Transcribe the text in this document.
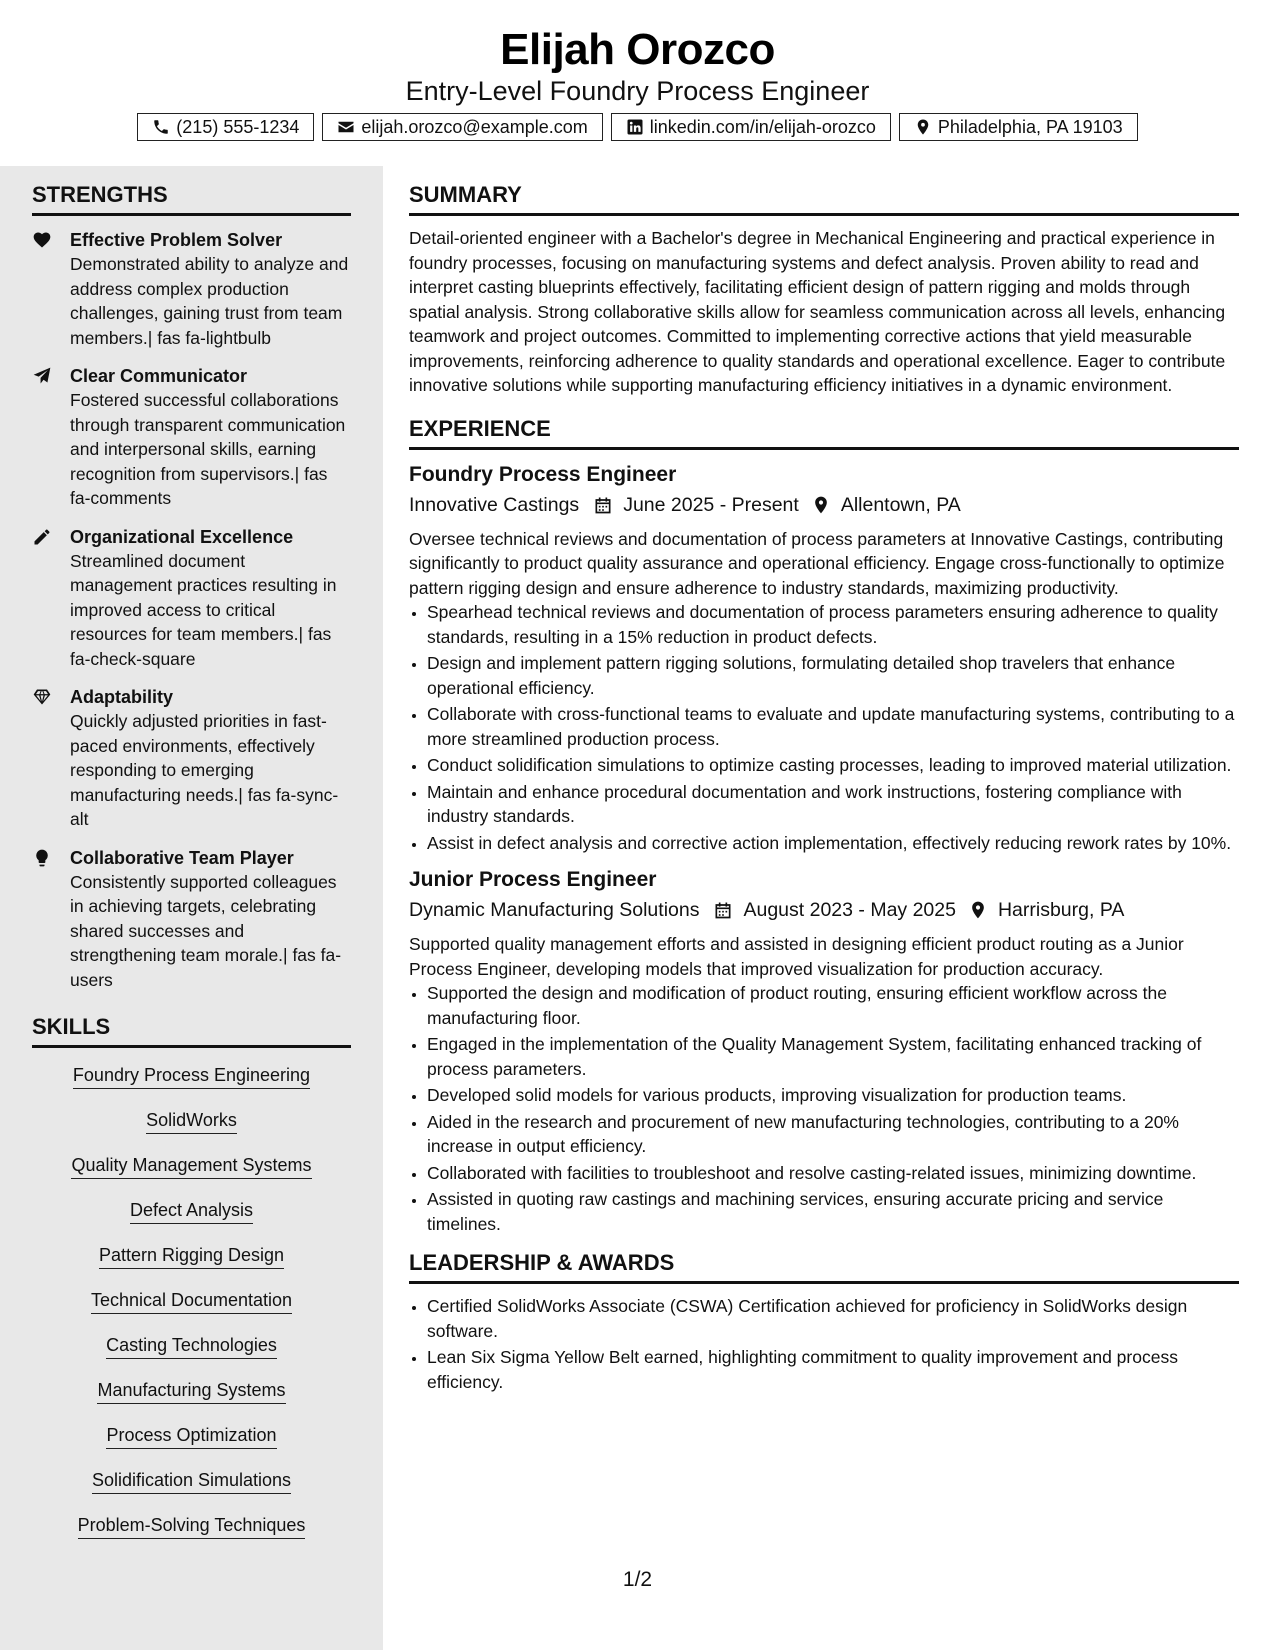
Elijah Orozco
Entry-Level Foundry Process Engineer
(215) 555-1234	elijah.orozco@example.com	linkedin.com/in/elijah-orozco	Philadelphia, PA 19103
STRENGTHS
Effective Problem Solver
Demonstrated ability to analyze and address complex production challenges, gaining trust from team members.| fas fa-lightbulb
Clear Communicator
Fostered successful collaborations through transparent communication and interpersonal skills, earning recognition from supervisors.| fas fa-comments
Organizational Excellence
Streamlined document management practices resulting in improved access to critical resources for team members.| fas fa-check-square
Adaptability
Quickly adjusted priorities in fast-paced environments, effectively responding to emerging manufacturing needs.| fas fa-sync-alt
Collaborative Team Player
Consistently supported colleagues in achieving targets, celebrating shared successes and strengthening team morale.| fas fa-users
SKILLS
Foundry Process Engineering
SolidWorks
Quality Management Systems
Defect Analysis
Pattern Rigging Design
Technical Documentation
Casting Technologies
Manufacturing Systems
Process Optimization
Solidification Simulations
Problem-Solving Techniques
SUMMARY
Detail-oriented engineer with a Bachelor's degree in Mechanical Engineering and practical experience in foundry processes, focusing on manufacturing systems and defect analysis. Proven ability to read and interpret casting blueprints effectively, facilitating efficient design of pattern rigging and molds through spatial analysis. Strong collaborative skills allow for seamless communication across all levels, enhancing teamwork and project outcomes. Committed to implementing corrective actions that yield measurable improvements, reinforcing adherence to quality standards and operational excellence. Eager to contribute innovative solutions while supporting manufacturing efficiency initiatives in a dynamic environment.
EXPERIENCE
Foundry Process Engineer
Innovative Castings June 2025 - Present Allentown, PA
Oversee technical reviews and documentation of process parameters at Innovative Castings, contributing significantly to product quality assurance and operational efficiency. Engage cross-functionally to optimize pattern rigging design and ensure adherence to industry standards, maximizing productivity.
• Spearhead technical reviews and documentation of process parameters ensuring adherence to quality standards, resulting in a 15% reduction in product defects.
• Design and implement pattern rigging solutions, formulating detailed shop travelers that enhance operational efficiency.
• Collaborate with cross-functional teams to evaluate and update manufacturing systems, contributing to a more streamlined production process.
• Conduct solidification simulations to optimize casting processes, leading to improved material utilization.
• Maintain and enhance procedural documentation and work instructions, fostering compliance with industry standards.
• Assist in defect analysis and corrective action implementation, effectively reducing rework rates by 10%.
Junior Process Engineer
Dynamic Manufacturing Solutions August 2023 - May 2025 Harrisburg, PA
Supported quality management efforts and assisted in designing efficient product routing as a Junior Process Engineer, developing models that improved visualization for production accuracy.
• Supported the design and modification of product routing, ensuring efficient workflow across the manufacturing floor.
• Engaged in the implementation of the Quality Management System, facilitating enhanced tracking of process parameters.
• Developed solid models for various products, improving visualization for production teams.
• Aided in the research and procurement of new manufacturing technologies, contributing to a 20% increase in output efficiency.
• Collaborated with facilities to troubleshoot and resolve casting-related issues, minimizing downtime.
• Assisted in quoting raw castings and machining services, ensuring accurate pricing and service timelines.
LEADERSHIP & AWARDS
• Certified SolidWorks Associate (CSWA) Certification achieved for proficiency in SolidWorks design software.
• Lean Six Sigma Yellow Belt earned, highlighting commitment to quality improvement and process efficiency.
1/2
